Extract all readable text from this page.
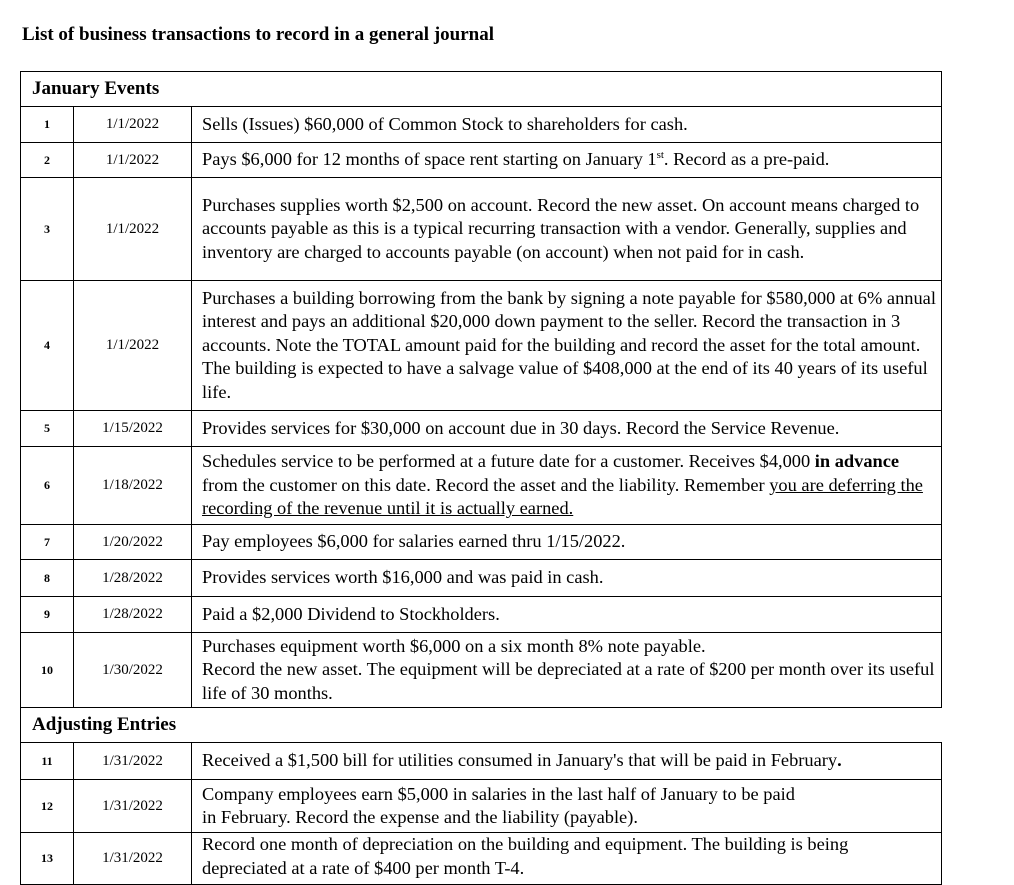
List of business transactions to record in a general journal
January Events		
1	1/1/2022	Sells (Issues) $60,000 of Common Stock to shareholders for cash.
2	1/1/2022	Pays $6,000 for 12 months of space rent starting on January 1st. Record as a pre-paid.
3	1/1/2022	Purchases supplies worth $2,500 on account. Record the new asset. On account means charged to accounts payable as this is a typical recurring transaction with a vendor. Generally, supplies and inventory are charged to accounts payable (on account) when not paid for in cash.
4	1/1/2022	Purchases a building borrowing from the bank by signing a note payable for $580,000 at 6% annual interest and pays an additional $20,000 down payment to the seller. Record the transaction in 3 accounts. Note the TOTAL amount paid for the building and record the asset for the total amount. The building is expected to have a salvage value of $408,000 at the end of its 40 years of its useful life.
5	1/15/2022	Provides services for $30,000 on account due in 30 days. Record the Service Revenue.
6	1/18/2022	Schedules service to be performed at a future date for a customer. Receives $4,000 in advance from the customer on this date. Record the asset and the liability. Remember you are deferring the recording of the revenue until it is actually earned.
7	1/20/2022	Pay employees $6,000 for salaries earned thru 1/15/2022.
8	1/28/2022	Provides services worth $16,000 and was paid in cash.
9	1/28/2022	Paid a $2,000 Dividend to Stockholders.
10	1/30/2022	Purchases equipment worth $6,000 on a six month 8% note payable.
Record the new asset. The equipment will be depreciated at a rate of $200 per month over its useful life of 30 months.

Adjusting Entries		
11	1/31/2022	Received a $1,500 bill for utilities consumed in January's that will be paid in February.
12	1/31/2022	Company employees earn $5,000 in salaries in the last half of January to be paid
in February. Record the expense and the liability (payable).

13	1/31/2022	Record one month of depreciation on the building and equipment. The building is being depreciated at a rate of $400 per month T-4.
